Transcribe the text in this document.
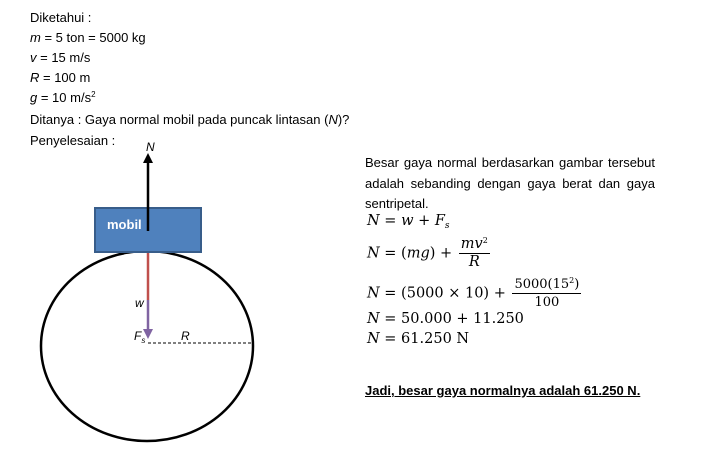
Diketahui :
m = 5 ton = 5000 kg
v = 15 m/s
R = 100 m
g = 10 $m/s^2$
Ditanya : Gaya normal mobil pada puncak lintasan (N)?
Penyelesaian :
mobil
N
w
$F_s$	R
Besar gaya normal berdasarkan gambar tersebut adalah sebanding dengan gaya berat dan gaya sentripetal.
$N = w + F_s$
$N = (mg) + \frac{mv^2}{R}$
$N = (5000 \times 10) + \frac{5000(15^2)}{100}$
N = 50.000 + 11.250
N = 61.250 N
Jadi, besar gaya normalnya adalah 61.250 N.
